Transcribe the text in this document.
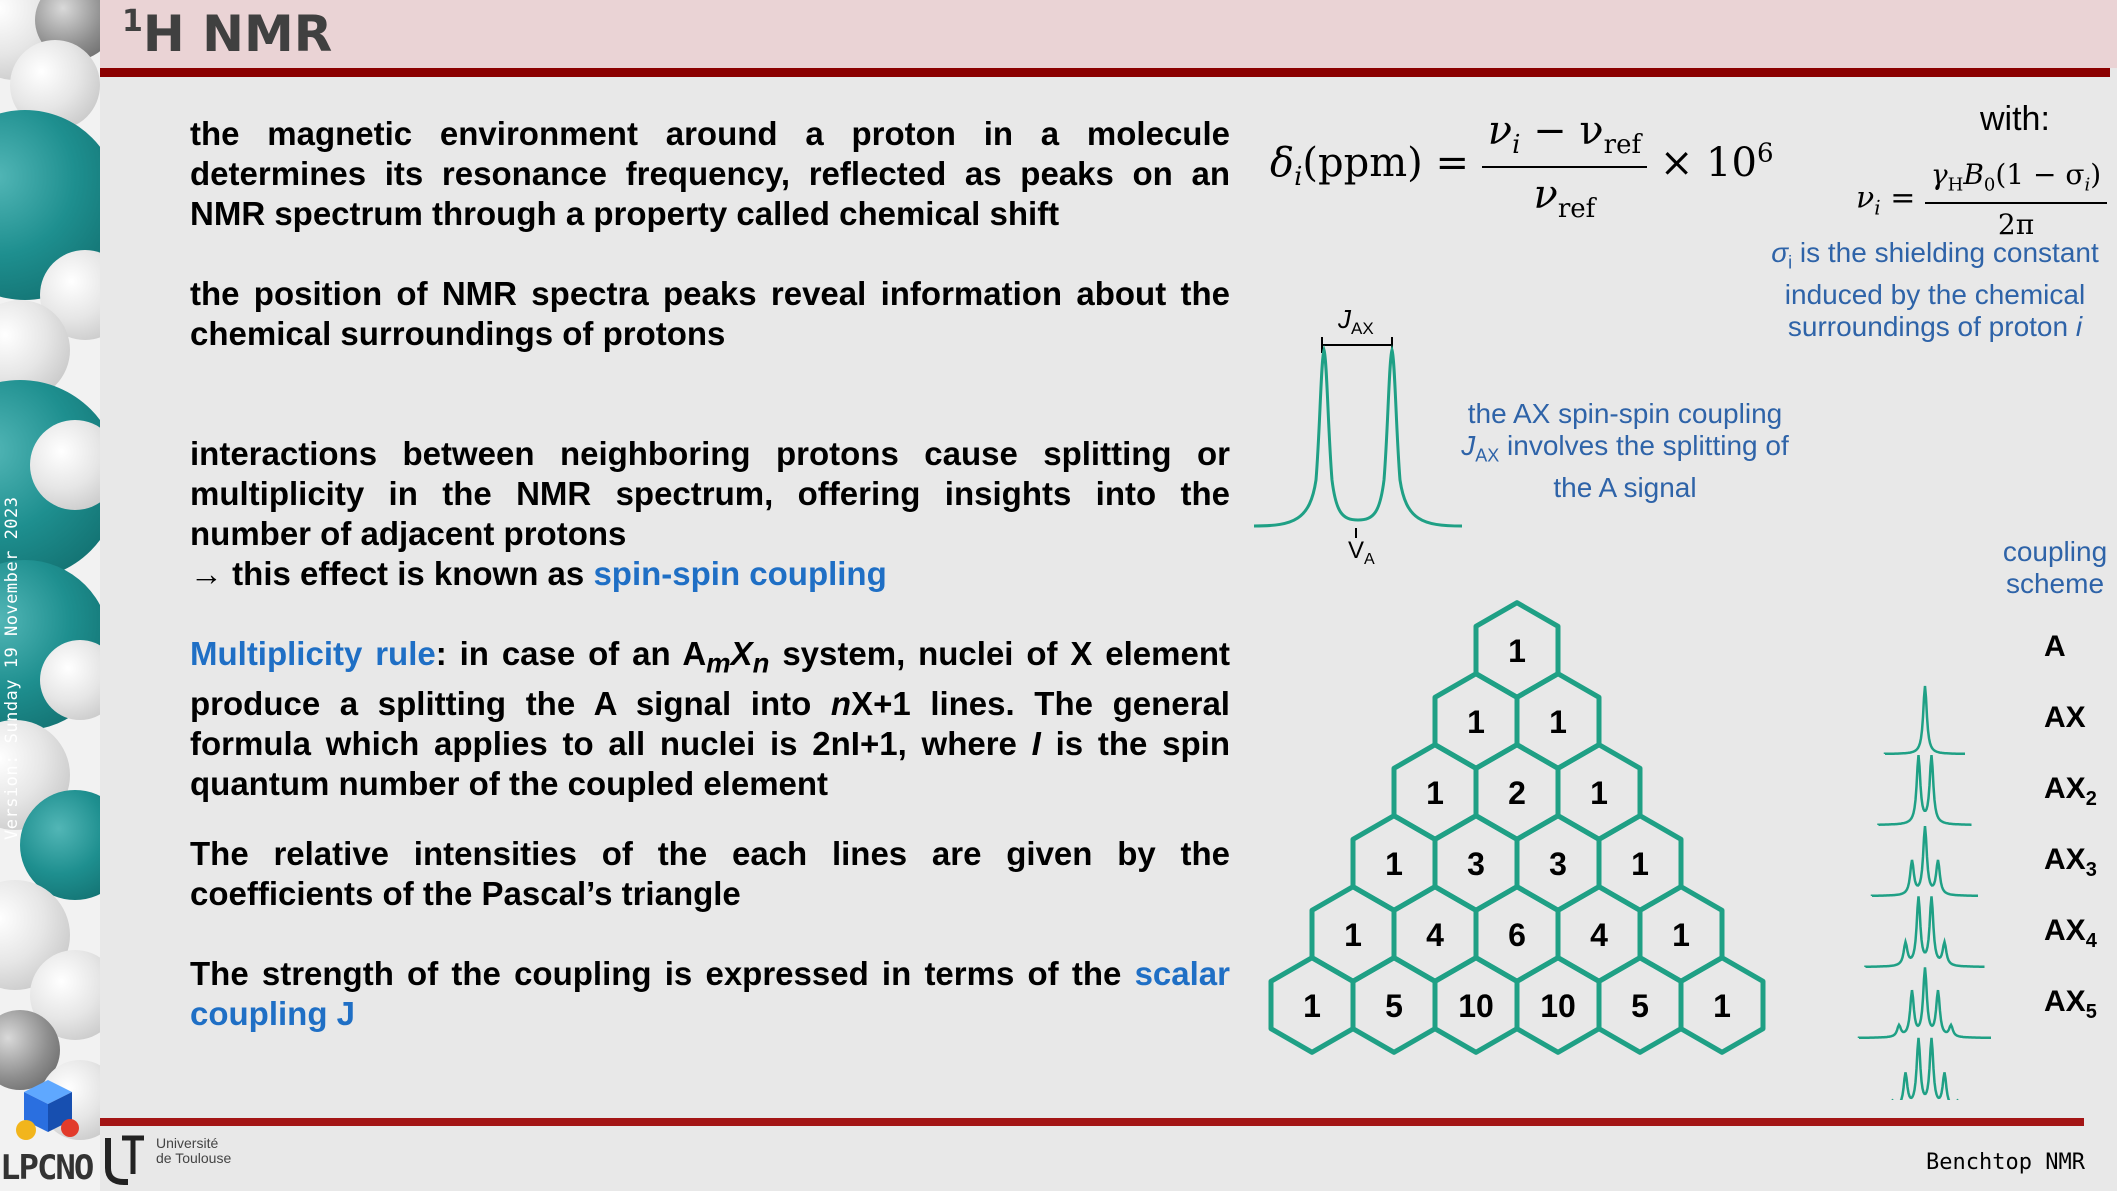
Version: Sunday 19 November 2023
LPCNO
Université
de Toulouse
$^1$H NMR
the magnetic environment around a proton in a molecule determines its resonance frequency, reflected as peaks on an NMR spectrum through a property called chemical shift
the position of NMR spectra peaks reveal information about the chemical surroundings of protons
interactions between neighboring protons cause splitting or multiplicity in the NMR spectrum, offering insights into the number of adjacent protons
→ this effect is known as spin-spin coupling
Multiplicity rule: in case of an $A_mX_n$ system, nuclei of X element produce a splitting the A signal into nX+1 lines. The general formula which applies to all nuclei is 2nI+1, where I is the spin quantum number of the coupled element
The relative intensities of the each lines are given by the coefficients of the Pascal’s triangle
The strength of the coupling is expressed in terms of the scalar coupling J
$\delta_i(ppm) = \frac{\nu_i - \nu_{ref}}{\nu_{ref}} \times 10^6$
with:
$\nu_i = \frac{\gamma_HB_0(1 - \sigma_i)}{2\pi}$
$\sigma_i$ is the shielding constant
induced by the chemical
surroundings of proton i
$J_{AX}$
$V_A$
the AX spin-spin coupling
$J_{AX}$ involves the splitting of
the A signal
1
1 1
1 2 1
1 3 3 1
1 4 6 4 1
1 5 10 10 5 1
coupling
scheme
A
AX
$AX_2$
$AX_3$
$AX_4$
$AX_5$
Benchtop NMR
